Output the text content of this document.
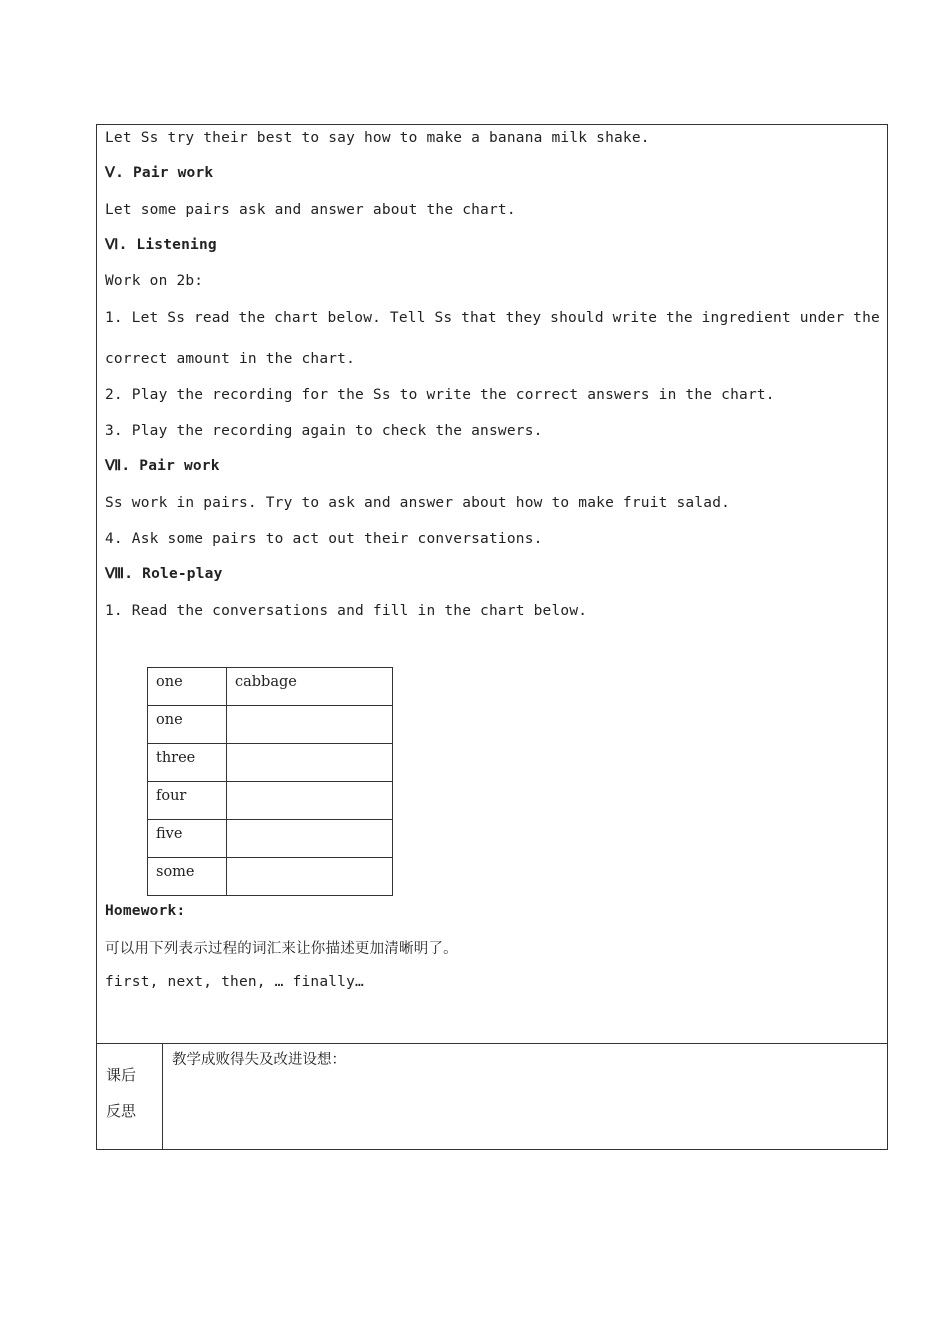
Let Ss try their best to say how to make a banana milk shake.
Ⅴ. Pair work
Let some pairs ask and answer about the chart.
Ⅵ. Listening
Work on 2b:
1. Let Ss read the chart below. Tell Ss that they should write the ingredient under the
correct amount in the chart.
2. Play the recording for the Ss to write the correct answers in the chart.
3. Play the recording again to check the answers.
Ⅶ. Pair work
Ss work in pairs. Try to ask and answer about how to make fruit salad.
4. Ask some pairs to act out their conversations.
Ⅷ. Role-play
1. Read the conversations and fill in the chart below.
one	cabbage
one	
three	
four	
five	
some	
Homework:
可以用下列表示过程的词汇来让你描述更加清晰明了。
first, next, then, … finally…
课后
反思
教学成败得失及改进设想：
